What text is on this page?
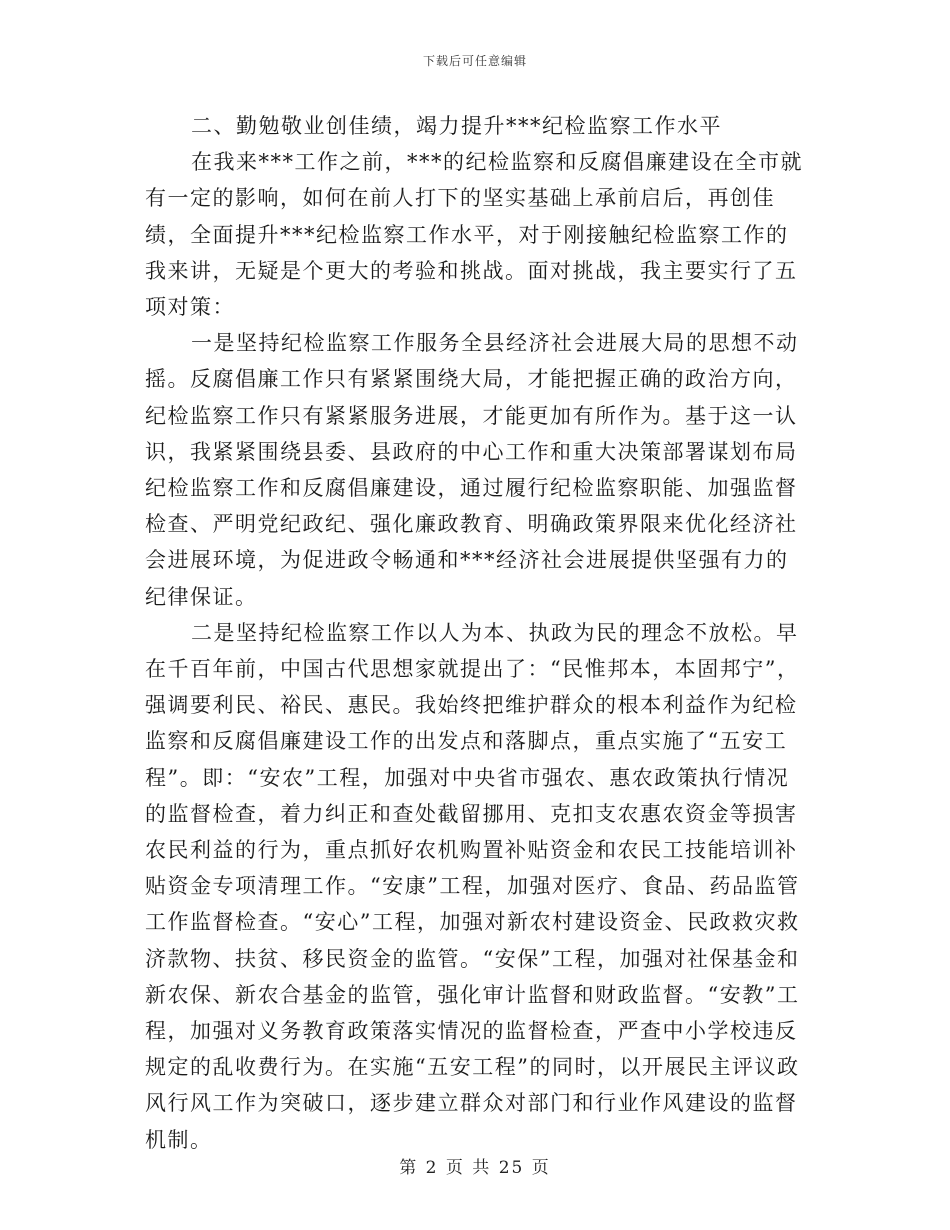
下载后可任意编辑

二、勤勉敬业创佳绩，竭力提升***纪检监察工作水平

在我来***工作之前，***的纪检监察和反腐倡廉建设在全市就有一定的影响，如何在前人打下的坚实基础上承前启后，再创佳绩，全面提升***纪检监察工作水平，对于刚接触纪检监察工作的我来讲，无疑是个更大的考验和挑战。面对挑战，我主要实行了五项对策：

一是坚持纪检监察工作服务全县经济社会进展大局的思想不动摇。反腐倡廉工作只有紧紧围绕大局，才能把握正确的政治方向，纪检监察工作只有紧紧服务进展，才能更加有所作为。基于这一认识，我紧紧围绕县委、县政府的中心工作和重大决策部署谋划布局纪检监察工作和反腐倡廉建设，通过履行纪检监察职能、加强监督检查、严明党纪政纪、强化廉政教育、明确政策界限来优化经济社会进展环境，为促进政令畅通和***经济社会进展提供坚强有力的纪律保证。

二是坚持纪检监察工作以人为本、执政为民的理念不放松。早在千百年前，中国古代思想家就提出了：“民惟邦本，本固邦宁”，强调要利民、裕民、惠民。我始终把维护群众的根本利益作为纪检监察和反腐倡廉建设工作的出发点和落脚点，重点实施了“五安工程”。即：“安农”工程，加强对中央省市强农、惠农政策执行情况的监督检查，着力纠正和查处截留挪用、克扣支农惠农资金等损害农民利益的行为，重点抓好农机购置补贴资金和农民工技能培训补贴资金专项清理工作。“安康”工程，加强对医疗、食品、药品监管工作监督检查。“安心”工程，加强对新农村建设资金、民政救灾救济款物、扶贫、移民资金的监管。“安保”工程，加强对社保基金和新农保、新农合基金的监管，强化审计监督和财政监督。“安教”工程，加强对义务教育政策落实情况的监督检查，严查中小学校违反规定的乱收费行为。在实施“五安工程”的同时，以开展民主评议政风行风工作为突破口，逐步建立群众对部门和行业作风建设的监督机制。

第 2 页 共 25 页
